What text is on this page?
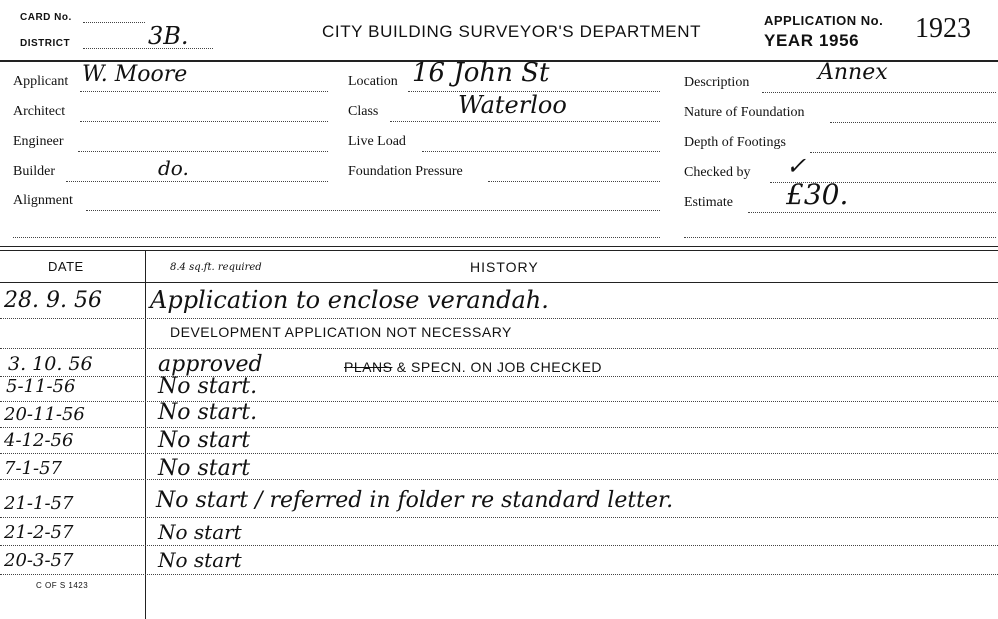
CARD No.
DISTRICT	3B.	CITY BUILDING SURVEYOR'S DEPARTMENT
APPLICATION No.
YEAR 1956 1923
Applicant W. Moore
Architect
Engineer
Builder	do.
Alignment
Location 16 John St
Class	Waterloo
Live Load
Foundation Pressure
Description	Annex
Nature of Foundation
Depth of Footings
Checked by ✓
Estimate £30.
DATE	HISTORY
8.4 sq.ft. required
28. 9. 56 Application to enclose verandah.
DEVELOPMENT APPLICATION NOT NECESSARY
3. 10. 56	approved	PLANS & SPECN. ON JOB CHECKED
5-11-56	No start.
20-11-56	No start.
4-12-56	No start
7-1-57	No start
21-1-57	No start / referred in folder re standard letter.
21-2-57	No start
20-3-57	No start
C OF S 1423
